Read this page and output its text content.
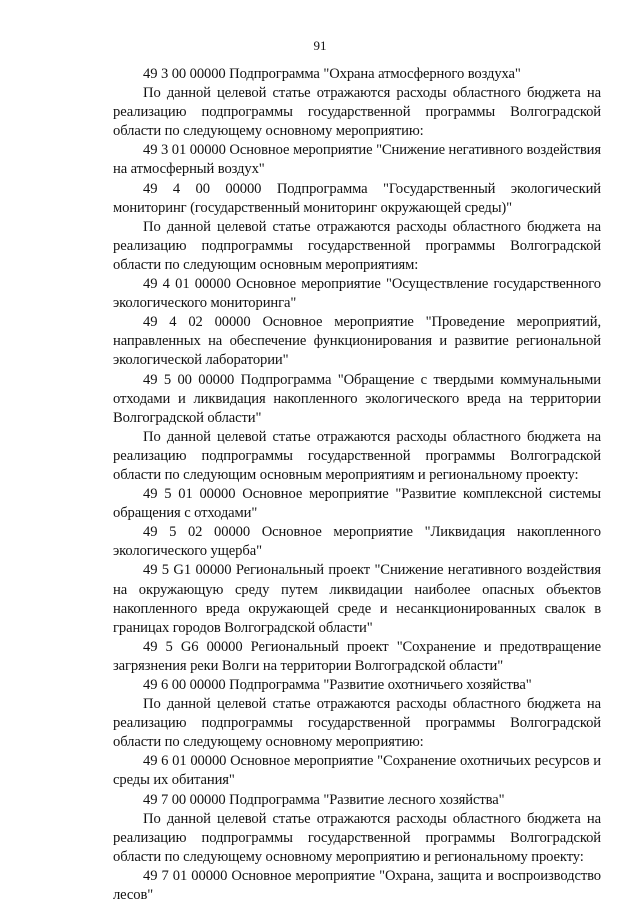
91

49 3 00 00000 Подпрограмма "Охрана атмосферного воздуха"

По данной целевой статье отражаются расходы областного бюджета на реализацию подпрограммы государственной программы Волгоградской области по следующему основному мероприятию:

49 3 01 00000 Основное мероприятие "Снижение негативного воздействия на атмосферный воздух"

49 4 00 00000 Подпрограмма "Государственный экологический мониторинг (государственный мониторинг окружающей среды)"

По данной целевой статье отражаются расходы областного бюджета на реализацию подпрограммы государственной программы Волгоградской области по следующим основным мероприятиям:

49 4 01 00000 Основное мероприятие "Осуществление государственного экологического мониторинга"

49 4 02 00000 Основное мероприятие "Проведение мероприятий, направленных на обеспечение функционирования и развитие региональной экологической лаборатории"

49 5 00 00000 Подпрограмма "Обращение с твердыми коммунальными отходами и ликвидация накопленного экологического вреда на территории Волгоградской области"

По данной целевой статье отражаются расходы областного бюджета на реализацию подпрограммы государственной программы Волгоградской области по следующим основным мероприятиям и региональному проекту:

49 5 01 00000 Основное мероприятие "Развитие комплексной системы обращения с отходами"

49 5 02 00000 Основное мероприятие "Ликвидация накопленного экологического ущерба"

49 5 G1 00000 Региональный проект "Снижение негативного воздействия на окружающую среду путем ликвидации наиболее опасных объектов накопленного вреда окружающей среде и несанкционированных свалок в границах городов Волгоградской области"

49 5 G6 00000 Региональный проект "Сохранение и предотвращение загрязнения реки Волги на территории Волгоградской области"

49 6 00 00000 Подпрограмма "Развитие охотничьего хозяйства"

По данной целевой статье отражаются расходы областного бюджета на реализацию подпрограммы государственной программы Волгоградской области по следующему основному мероприятию:

49 6 01 00000 Основное мероприятие "Сохранение охотничьих ресурсов и среды их обитания"

49 7 00 00000 Подпрограмма "Развитие лесного хозяйства"

По данной целевой статье отражаются расходы областного бюджета на реализацию подпрограммы государственной программы Волгоградской области по следующему основному мероприятию и региональному проекту:

49 7 01 00000 Основное мероприятие "Охрана, защита и воспроизводство лесов"
